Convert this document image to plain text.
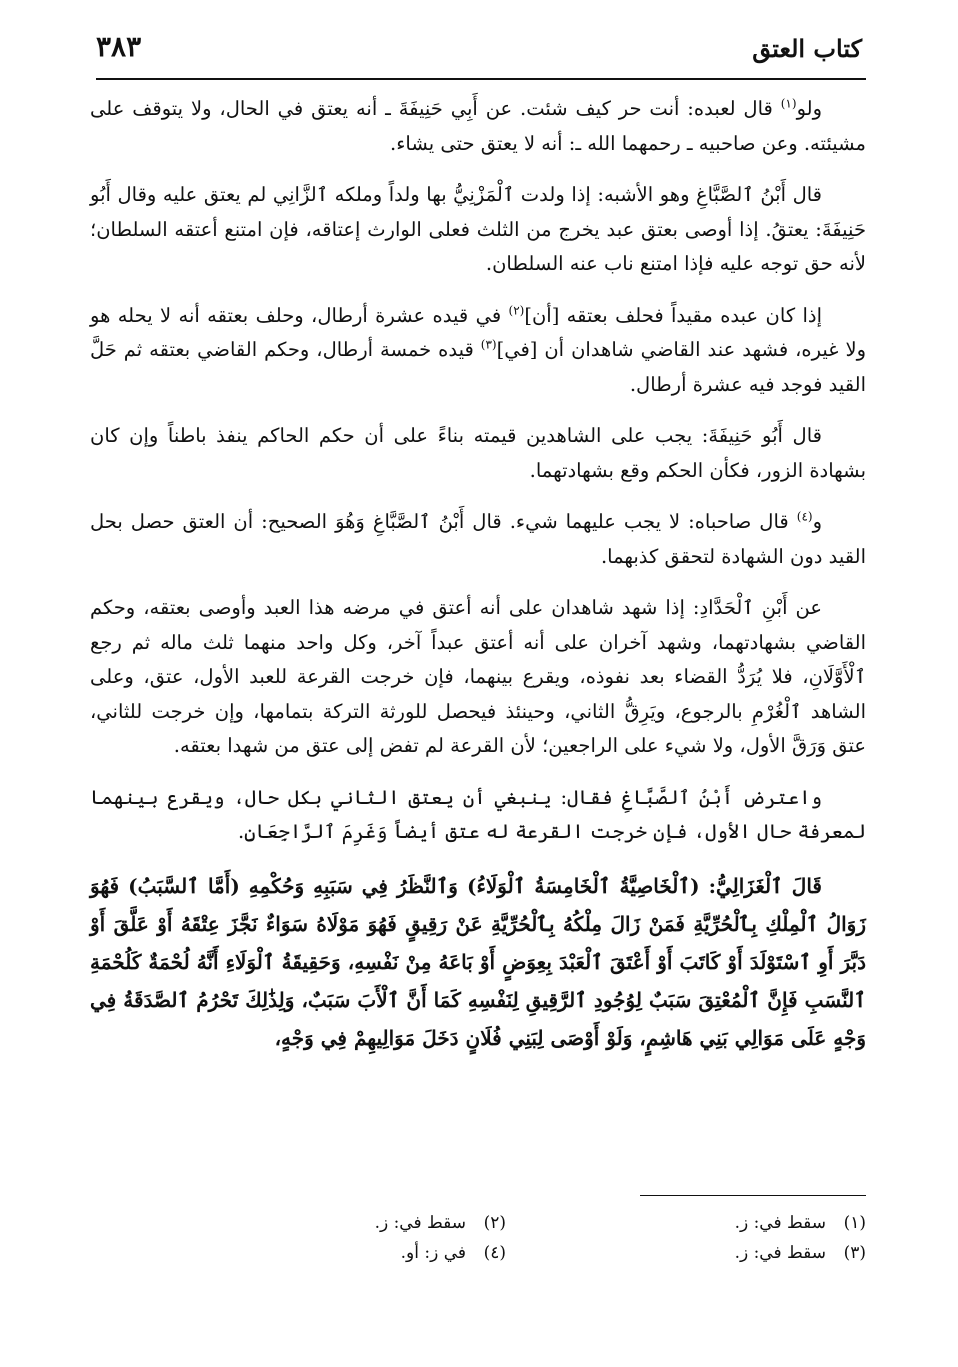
كتاب العتق
٣٨٣

ولو$^{(١)}$ قال لعبده: أنت حر كيف شئت. عن أَبِي حَنِيفَةَ ـ أنه يعتق في الحال، ولا يتوقف على مشيئته. وعن صاحبيه ـ رحمهما الله ـ: أنه لا يعتق حتى يشاء.

قال أَبْنُ ٱلصَّبَّاغِ وهو الأشبه: إذا ولدت ٱلْمَزْنِيُّ بها ولداً وملكه ٱلزَّانِي لم يعتق عليه وقال أَبُو حَنِيفَةَ: يعتقُ. إذا أوصى بعتق عبد يخرج من الثلث فعلى الوارث إعتاقه، فإن امتنع أعتقه السلطان؛ لأنه حق توجه عليه فإذا امتنع ناب عنه السلطان.

إذا كان عبده مقيداً فحلف بعتقه [أن]$^{(٢)}$ في قيده عشرة أرطال، وحلف بعتقه أنه لا يحله هو ولا غيره، فشهد عند القاضي شاهدان أن [في]$^{(٣)}$ قيده خمسة أرطال، وحكم القاضي بعتقه ثم حَلَّ القيد فوجد فيه عشرة أرطال.

قال أَبُو حَنِيفَةَ: يجب على الشاهدين قيمته بناءً على أن حكم الحاكم ينفذ باطناً وإن كان بشهادة الزور، فكأن الحكم وقع بشهادتهما.

و$^{(٤)}$ قال صاحباه: لا يجب عليهما شيء. قال أَبْنُ ٱلصَّبَّاغِ وَهُوَ الصحيح: أن العتق حصل بحل القيد دون الشهادة لتحقق كذبهما.

عن أَبْنِ ٱلْحَدَّادِ: إذا شهد شاهدان على أنه أعتق في مرضه هذا العبد وأوصى بعتقه، وحكم القاضي بشهادتهما، وشهد آخران على أنه أعتق عبداً آخر، وكل واحد منهما ثلث ماله ثم رجع ٱلْأَوَّلَانِ، فلا يُرَدُّ القضاء بعد نفوذه، ويقرع بينهما، فإن خرجت القرعة للعبد الأول، عتق، وعلى الشاهد ٱلْغُرْمِ بالرجوع، ويَرِقُّ الثاني، وحينئذ فيحصل للورثة التركة بتمامها، وإن خرجت للثاني، عتق وَرَقَّ الأول، ولا شيء على الراجعين؛ لأن القرعة لم تفض إلى عتق من شهدا بعتقه.

واعترض أَبْنُ ٱلصَّبَّاغِ فقال: ينبغي أن يعتق الثاني بكل حال، ويقرع بينهما لمعرفة حال الأول، فإن خرجت القرعة له عتق أيضاً وَغَرِمَ ٱلرَّاجِعَانِ.

قَالَ ٱلْغَزَالِيُّ: (ٱلْخَاصِيَّةُ ٱلْخَامِسَةُ ٱلْوَلَاءُ) وَٱلنَّظَرُ فِي سَبَبِهِ وَحُكْمِهِ (أَمَّا ٱلسَّبَبُ) فَهُوَ زَوَالُ ٱلْمِلْكِ بِٱلْحُرِّيَّةِ فَمَنْ زَالَ مِلْكُهُ بِٱلْحُرِّيَّةِ عَنْ رَقِيقٍ فَهُوَ مَوْلَاهُ سَوَاءٌ نَجَّزَ عِتْقَهُ أَوْ عَلَّقَ أَوْ دَبَّرَ أَوِ ٱسْتَوْلَدَ أَوْ كَاتَبَ أَوْ أَعْتَقَ ٱلْعَبْدَ بِعِوَضٍ أَوْ بَاعَهُ مِنْ نَفْسِهِ، وَحَقِيقَةُ ٱلْوَلَاءِ أَنَّهُ لُحْمَةٌ كَلُحْمَةِ ٱلنَّسَبِ فَإِنَّ ٱلْمُعْتِقَ سَبَبٌ لِوُجُودِ ٱلرَّقِيقِ لِنَفْسِهِ كَمَا أَنَّ ٱلْأَبَ سَبَبٌ، وَلِذَٰلِكَ تَحْرُمُ ٱلصَّدَقَةُ فِي وَجْهٍ عَلَى مَوَالِي بَنِي هَاشِمٍ، وَلَوْ أَوْصَى لِبَنِي فُلَانٍ دَخَلَ مَوَالِيهِمْ فِي وَجْهٍ،

(١)سقط في: ز.
(٢)سقط في: ز.
(٣)سقط في: ز.
(٤)في ز: أو.
